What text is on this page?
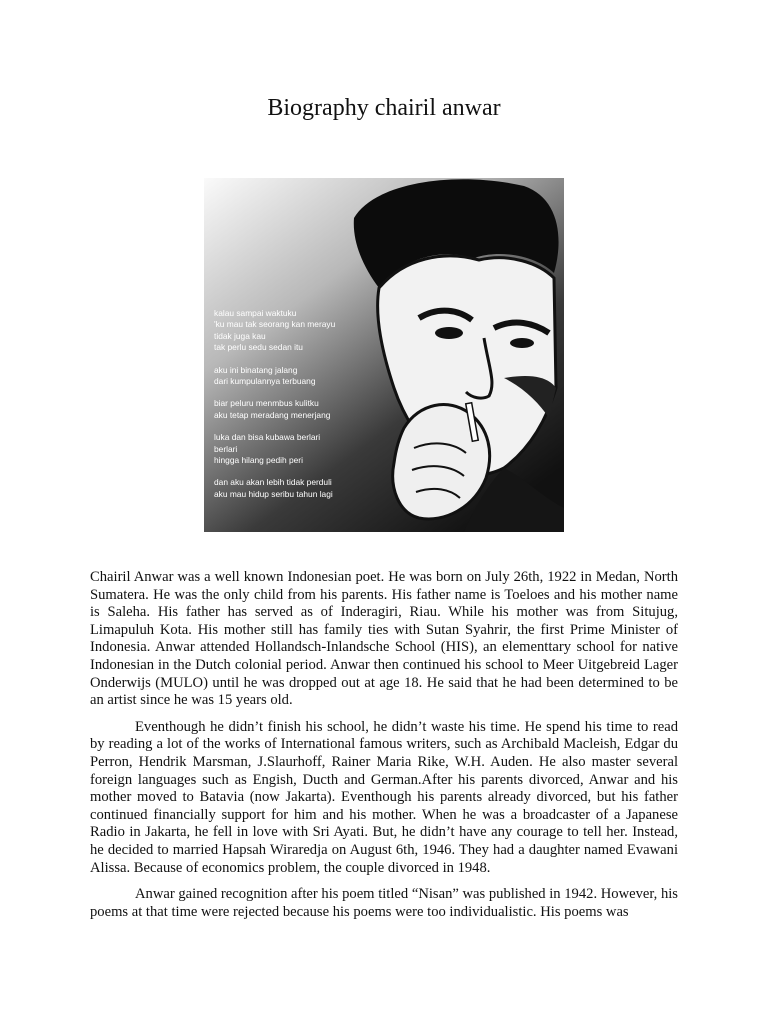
Biography chairil anwar
kalau sampai waktuku
'ku mau tak seorang kan merayu
tidak juga kau
tak perlu sedu sedan itu
aku ini binatang jalang
dari kumpulannya terbuang
biar peluru menmbus kulitku
aku tetap meradang menerjang
luka dan bisa kubawa berlari
berlari
hingga hilang pedih peri
dan aku akan lebih tidak perduli
aku mau hidup seribu tahun lagi

Chairil Anwar was a well known Indonesian poet. He was born on July 26th, 1922 in Medan, North Sumatera. He was the only child from his parents. His father name is Toeloes and his mother name is Saleha. His father has served as of Inderagiri, Riau. While his mother was from Situjug, Limapuluh Kota. His mother still has family ties with Sutan Syahrir, the first Prime Minister of Indonesia. Anwar attended Hollandsch-Inlandsche School (HIS), an elementtary school for native Indonesian in the Dutch colonial period. Anwar then continued his school to Meer Uitgebreid Lager Onderwijs (MULO) until he was dropped out at age 18. He said that he had been determined to be an artist since he was 15 years old.

Eventhough he didn’t finish his school, he didn’t waste his time. He spend his time to read by reading a lot of the works of International famous writers, such as Archibald Macleish, Edgar du Perron, Hendrik Marsman, J.Slaurhoff, Rainer Maria Rike, W.H. Auden. He also master several foreign languages such as Engish, Ducth and German.After his parents divorced, Anwar and his mother moved to Batavia (now Jakarta). Eventhough his parents already divorced, but his father continued financially support for him and his mother. When he was a broadcaster of a Japanese Radio in Jakarta, he fell in love with Sri Ayati. But, he didn’t have any courage to tell her. Instead, he decided to married Hapsah Wiraredja on August 6th, 1946. They had a daughter named Evawani Alissa. Because of economics problem, the couple divorced in 1948.

Anwar gained recognition after his poem titled “Nisan” was published in 1942. However, his poems at that time were rejected because his poems were too individualistic. His poems was
